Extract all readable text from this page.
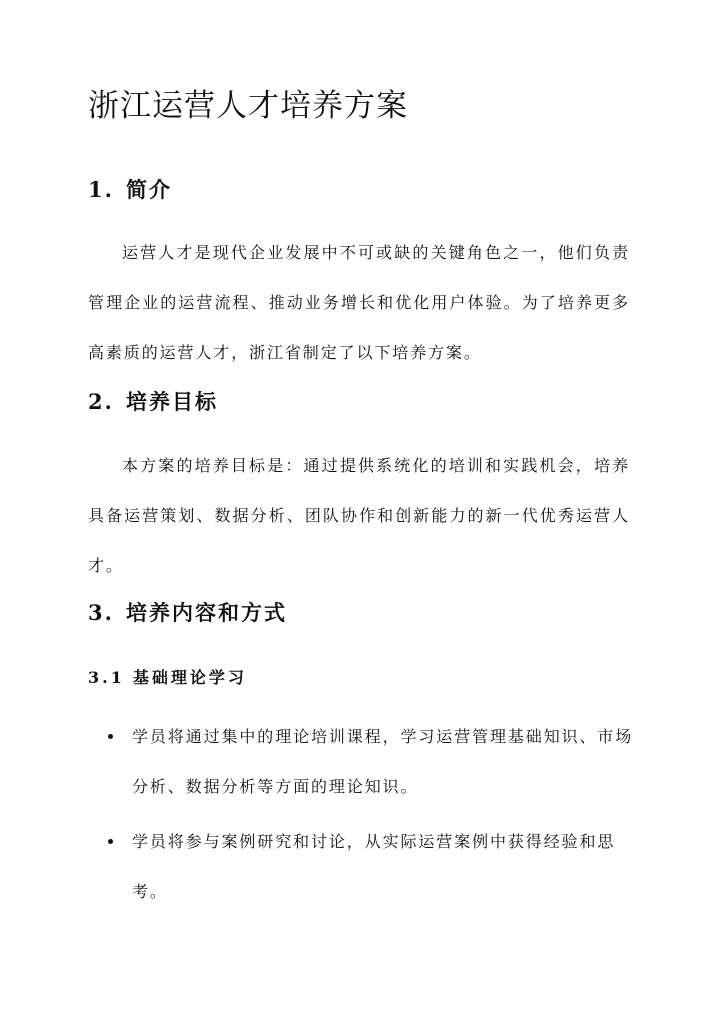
浙江运营人才培养方案
1. 简介

运营人才是现代企业发展中不可或缺的关键角色之一，他们负责管理企业的运营流程、推动业务增长和优化用户体验。为了培养更多高素质的运营人才，浙江省制定了以下培养方案。

2. 培养目标

本方案的培养目标是：通过提供系统化的培训和实践机会，培养具备运营策划、数据分析、团队协作和创新能力的新一代优秀运营人才。

3. 培养内容和方式
3.1 基础理论学习
学员将通过集中的理论培训课程，学习运营管理基础知识、市场分析、数据分析等方面的理论知识。
学员将参与案例研究和讨论，从实际运营案例中获得经验和思考。
